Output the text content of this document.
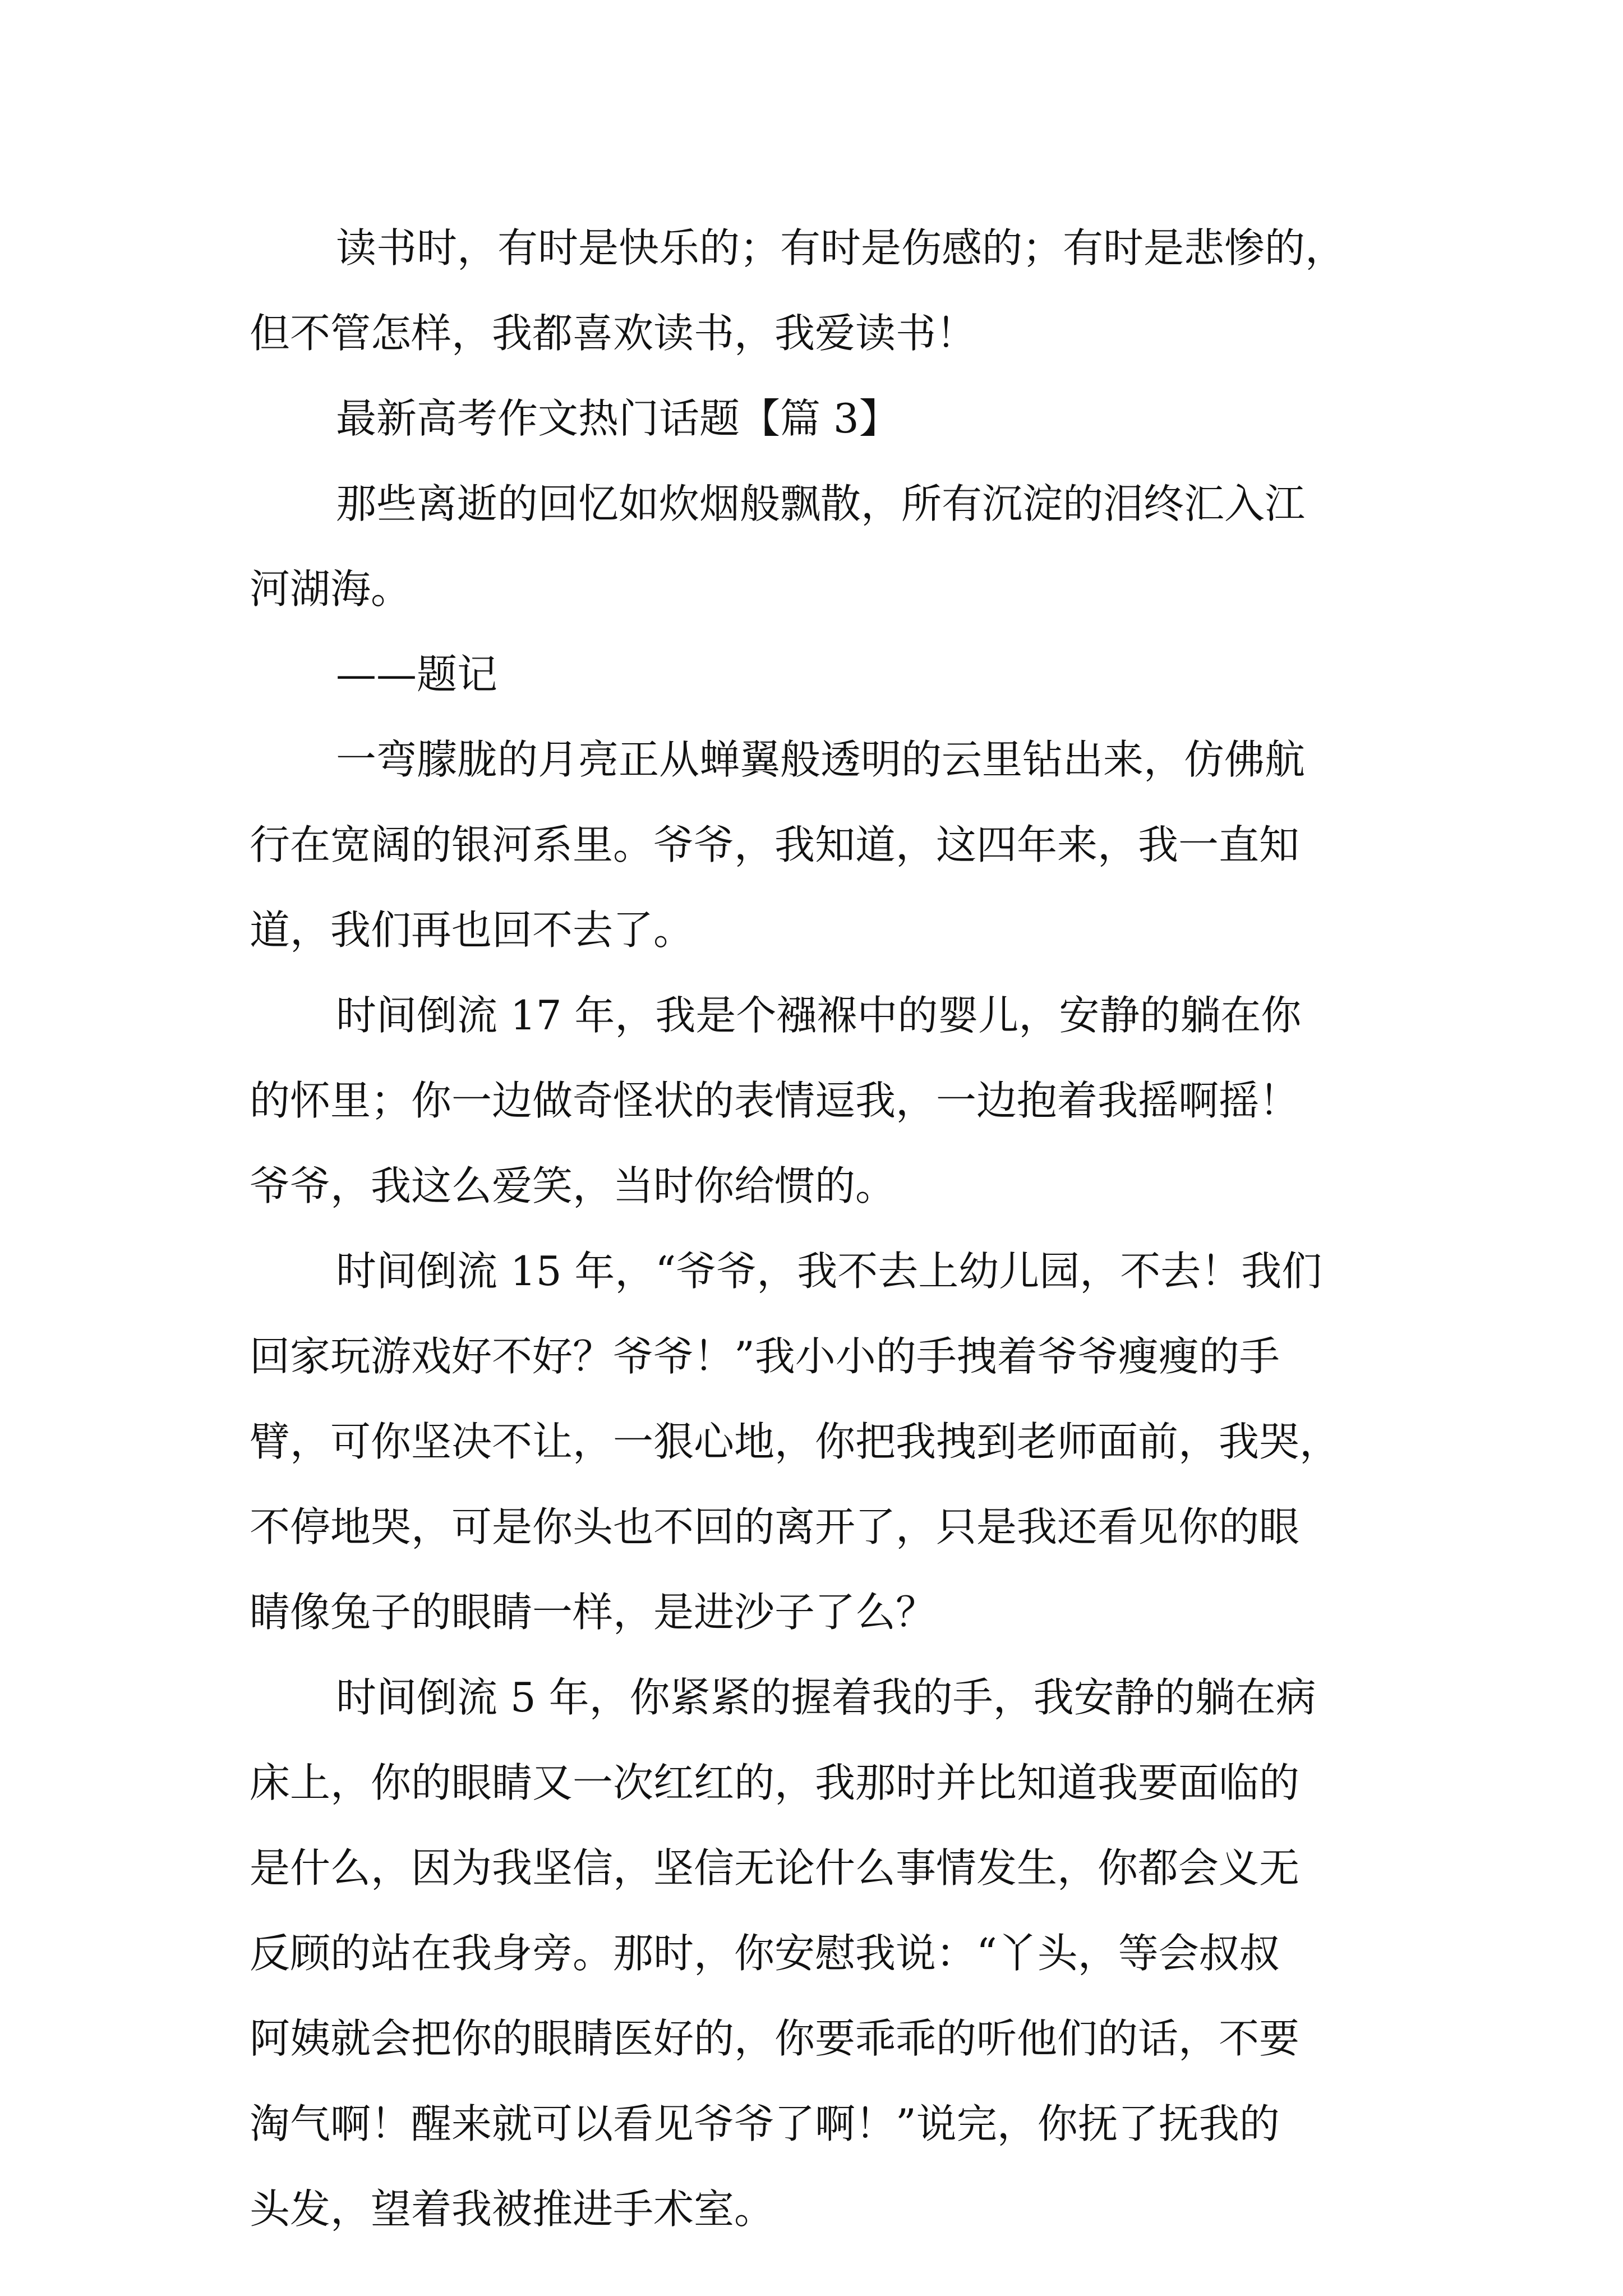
读书时，有时是快乐的；有时是伤感的；有时是悲惨的，
但不管怎样，我都喜欢读书，我爱读书！
最新高考作文热门话题【篇 3】
那些离逝的回忆如炊烟般飘散，所有沉淀的泪终汇入江
河湖海。
——题记
一弯朦胧的月亮正从蝉翼般透明的云里钻出来，仿佛航
行在宽阔的银河系里。爷爷，我知道，这四年来，我一直知
道，我们再也回不去了。
时间倒流 17 年，我是个襁褓中的婴儿，安静的躺在你
的怀里；你一边做奇怪状的表情逗我，一边抱着我摇啊摇！
爷爷，我这么爱笑，当时你给惯的。
时间倒流 15 年，“爷爷，我不去上幼儿园，不去！我们
回家玩游戏好不好？爷爷！”我小小的手拽着爷爷瘦瘦的手
臂，可你坚决不让，一狠心地，你把我拽到老师面前，我哭，
不停地哭，可是你头也不回的离开了，只是我还看见你的眼
睛像兔子的眼睛一样，是进沙子了么？
时间倒流 5 年，你紧紧的握着我的手，我安静的躺在病
床上，你的眼睛又一次红红的，我那时并比知道我要面临的
是什么，因为我坚信，坚信无论什么事情发生，你都会义无
反顾的站在我身旁。那时，你安慰我说：“丫头，等会叔叔
阿姨就会把你的眼睛医好的，你要乖乖的听他们的话，不要
淘气啊！醒来就可以看见爷爷了啊！”说完，你抚了抚我的
头发，望着我被推进手术室。
